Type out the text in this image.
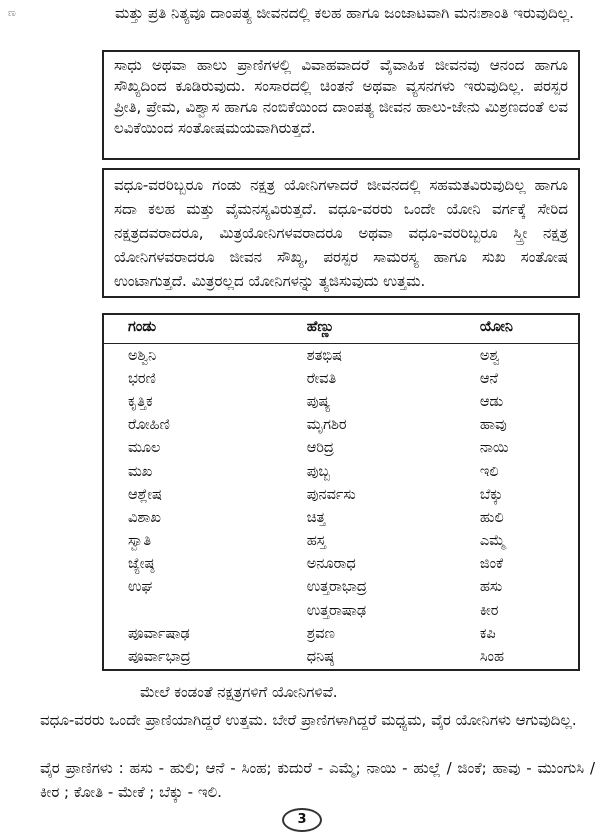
ಣ	ಮತ್ತು ಪ್ರತಿ ನಿತ್ಯವೂ ದಾಂಪತ್ಯ ಜೀವನದಲ್ಲಿ ಕಲಹ ಹಾಗೂ ಜಂಜಾಟವಾಗಿ ಮನಃಶಾಂತಿ ಇರುವುದಿಲ್ಲ.

ಸಾಧು ಅಥವಾ ಹಾಲು ಪ್ರಾಣಿಗಳಲ್ಲಿ ವಿವಾಹವಾದರೆ ವೈವಾಹಿಕ ಜೀವನವು ಆನಂದ ಹಾಗೂ ಸೌಖ್ಯದಿಂದ ಕೂಡಿರುವುದು. ಸಂಸಾರದಲ್ಲಿ ಚಿಂತನೆ ಅಥವಾ ವ್ಯಸನಗಳು ಇರುವುದಿಲ್ಲ. ಪರಸ್ಪರ ಪ್ರೀತಿ, ಪ್ರೇಮ, ವಿಶ್ವಾಸ ಹಾಗೂ ನಂಬಿಕೆಯಿಂದ ದಾಂಪತ್ಯ ಜೀವನ ಹಾಲು-ಜೇನು ಮಿಶ್ರಣದಂತೆ ಲವ ಲವಿಕೆಯಿಂದ ಸಂತೋಷಮಯವಾಗಿರುತ್ತದೆ.

ವಧೂ-ವರರಿಬ್ಬರೂ ಗಂಡು ನಕ್ಷತ್ರ ಯೋನಿಗಳಾದರೆ ಜೀವನದಲ್ಲಿ ಸಹಮತವಿರುವುದಿಲ್ಲ ಹಾಗೂ ಸದಾ ಕಲಹ ಮತ್ತು ವೈಮನಸ್ಯವಿರುತ್ತದೆ. ವಧೂ-ವರರು ಒಂದೇ ಯೋನಿ ವರ್ಗಕ್ಕೆ ಸೇರಿದ ನಕ್ಷತ್ರದವರಾದರೂ, ಮಿತ್ರಯೋನಿಗಳವರಾದರೂ ಅಥವಾ ವಧೂ-ವರರಿಬ್ಬರೂ ಸ್ತ್ರೀ ನಕ್ಷತ್ರ ಯೋನಿಗಳವರಾದರೂ ಜೀವನ ಸೌಖ್ಯ, ಪರಸ್ಪರ ಸಾಮರಸ್ಯ ಹಾಗೂ ಸುಖ ಸಂತೋಷ ಉಂಟಾಗುತ್ತದೆ. ಮಿತ್ರರಲ್ಲದ ಯೋನಿಗಳನ್ನು ತ್ಯಜಿಸುವುದು ಉತ್ತಮ.

ಗಂಡು	ಹೆಣ್ಣು	ಯೋನಿ
ಅಶ್ವಿನಿ	ಶತಭಿಷ	ಅಶ್ವ
ಭರಣಿ	ರೇವತಿ	ಆನೆ
ಕೃತ್ತಿಕ	ಪುಷ್ಯ	ಆಡು
ರೋಹಿಣಿ	ಮೃಗಶಿರ	ಹಾವು
ಮೂಲ	ಆರಿದ್ರ	ನಾಯಿ
ಮಖ	ಪುಬ್ಬ	ಇಲಿ
ಆಶ್ಲೇಷ	ಪುನರ್ವಸು	ಬೆಕ್ಕು
ವಿಶಾಖ	ಚಿತ್ತ	ಹುಲಿ
ಸ್ವಾತಿ	ಹಸ್ತ	ಎಮ್ಮೆ
ಜ್ಯೇಷ್ಠ	ಅನೂರಾಧ	ಜಿಂಕೆ
ಉಘ	ಉತ್ತರಾಭಾದ್ರ	ಹಸು
	ಉತ್ತರಾಷಾಢ	ಕೀರ
ಪೂರ್ವಾಷಾಢ	ಶ್ರವಣ	ಕಪಿ
ಪೂರ್ವಾಭಾದ್ರ	ಧನಿಷ್ಠ	ಸಿಂಹ

ಮೇಲೆ ಕಂಡಂತೆ ನಕ್ಷತ್ರಗಳಿಗೆ ಯೋನಿಗಳಿವೆ.

ವಧೂ-ವರರು ಒಂದೇ ಪ್ರಾಣಿಯಾಗಿದ್ದರೆ ಉತ್ತಮ. ಬೇರೆ ಪ್ರಾಣಿಗಳಾಗಿದ್ದರೆ ಮಧ್ಯಮ, ವೈರ ಯೋನಿಗಳು ಆಗುವುದಿಲ್ಲ.

ವೈರ ಪ್ರಾಣಿಗಳು : ಹಸು - ಹುಲಿ; ಆನೆ - ಸಿಂಹ; ಕುದುರೆ - ಎಮ್ಮೆ; ನಾಯಿ - ಹುಲ್ಲೆ / ಜಿಂಕೆ; ಹಾವು - ಮುಂಗುಸಿ / ಕೀರ ; ಕೋತಿ - ಮೇಕೆ ; ಬೆಕ್ಕು - ಇಲಿ.

3
